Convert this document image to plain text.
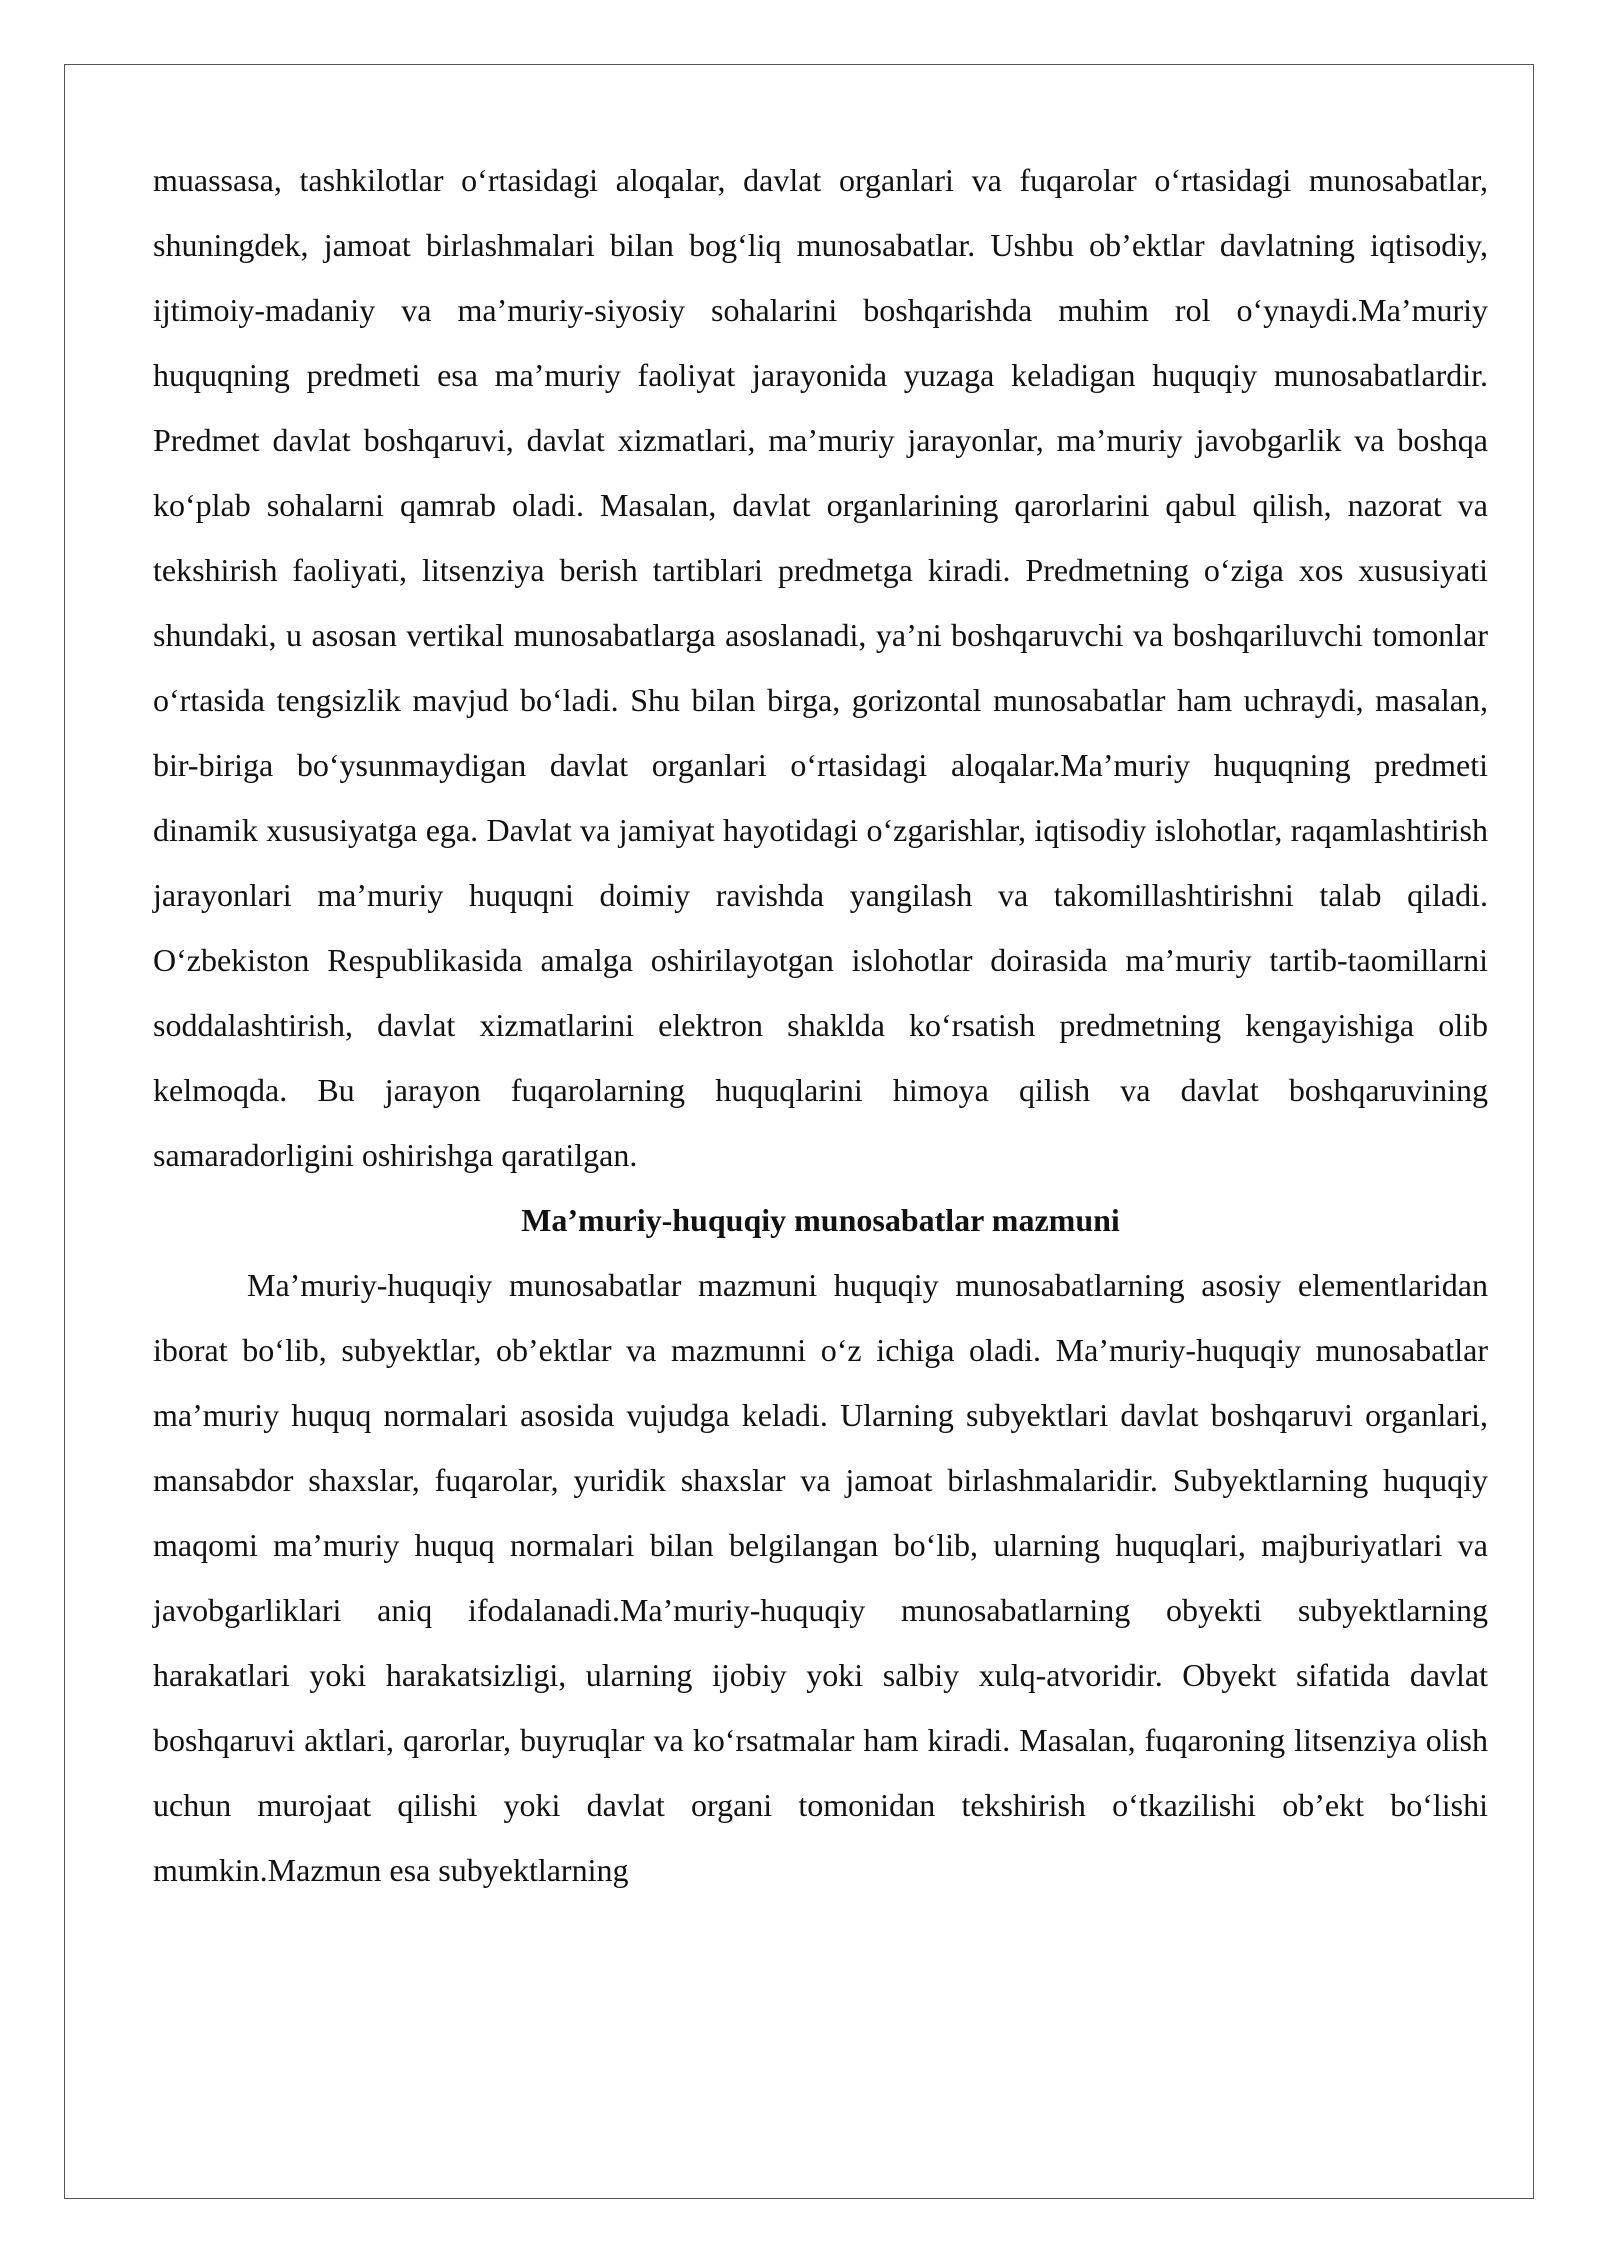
muassasa, tashkilotlar o‘rtasidagi aloqalar, davlat organlari va fuqarolar o‘rtasidagi munosabatlar, shuningdek, jamoat birlashmalari bilan bog‘liq munosabatlar. Ushbu ob’ektlar davlatning iqtisodiy, ijtimoiy-madaniy va ma’muriy-siyosiy sohalarini boshqarishda muhim rol o‘ynaydi.Ma’muriy huquqning predmeti esa ma’muriy faoliyat jarayonida yuzaga keladigan huquqiy munosabatlardir. Predmet davlat boshqaruvi, davlat xizmatlari, ma’muriy jarayonlar, ma’muriy javobgarlik va boshqa ko‘plab sohalarni qamrab oladi. Masalan, davlat organlarining qarorlarini qabul qilish, nazorat va tekshirish faoliyati, litsenziya berish tartiblari predmetga kiradi. Predmetning o‘ziga xos xususiyati shundaki, u asosan vertikal munosabatlarga asoslanadi, ya’ni boshqaruvchi va boshqariluvchi tomonlar o‘rtasida tengsizlik mavjud bo‘ladi. Shu bilan birga, gorizontal munosabatlar ham uchraydi, masalan, bir-biriga bo‘ysunmaydigan davlat organlari o‘rtasidagi aloqalar.Ma’muriy huquqning predmeti dinamik xususiyatga ega. Davlat va jamiyat hayotidagi o‘zgarishlar, iqtisodiy islohotlar, raqamlashtirish jarayonlari ma’muriy huquqni doimiy ravishda yangilash va takomillashtirishni talab qiladi. O‘zbekiston Respublikasida amalga oshirilayotgan islohotlar doirasida ma’muriy tartib-taomillarni soddalashtirish, davlat xizmatlarini elektron shaklda ko‘rsatish predmetning kengayishiga olib kelmoqda. Bu jarayon fuqarolarning huquqlarini himoya qilish va davlat boshqaruvining samaradorligini oshirishga qaratilgan.

Ma’muriy-huquqiy munosabatlar mazmuni

Ma’muriy-huquqiy munosabatlar mazmuni huquqiy munosabatlarning asosiy elementlaridan iborat bo‘lib, subyektlar, ob’ektlar va mazmunni o‘z ichiga oladi. Ma’muriy-huquqiy munosabatlar ma’muriy huquq normalari asosida vujudga keladi. Ularning subyektlari davlat boshqaruvi organlari, mansabdor shaxslar, fuqarolar, yuridik shaxslar va jamoat birlashmalaridir. Subyektlarning huquqiy maqomi ma’muriy huquq normalari bilan belgilangan bo‘lib, ularning huquqlari, majburiyatlari va javobgarliklari aniq ifodalanadi.Ma’muriy-huquqiy munosabatlarning obyekti subyektlarning harakatlari yoki harakatsizligi, ularning ijobiy yoki salbiy xulq-atvoridir. Obyekt sifatida davlat boshqaruvi aktlari, qarorlar, buyruqlar va ko‘rsatmalar ham kiradi. Masalan, fuqaroning litsenziya olish uchun murojaat qilishi yoki davlat organi tomonidan tekshirish o‘tkazilishi ob’ekt bo‘lishi mumkin.Mazmun esa subyektlarning
